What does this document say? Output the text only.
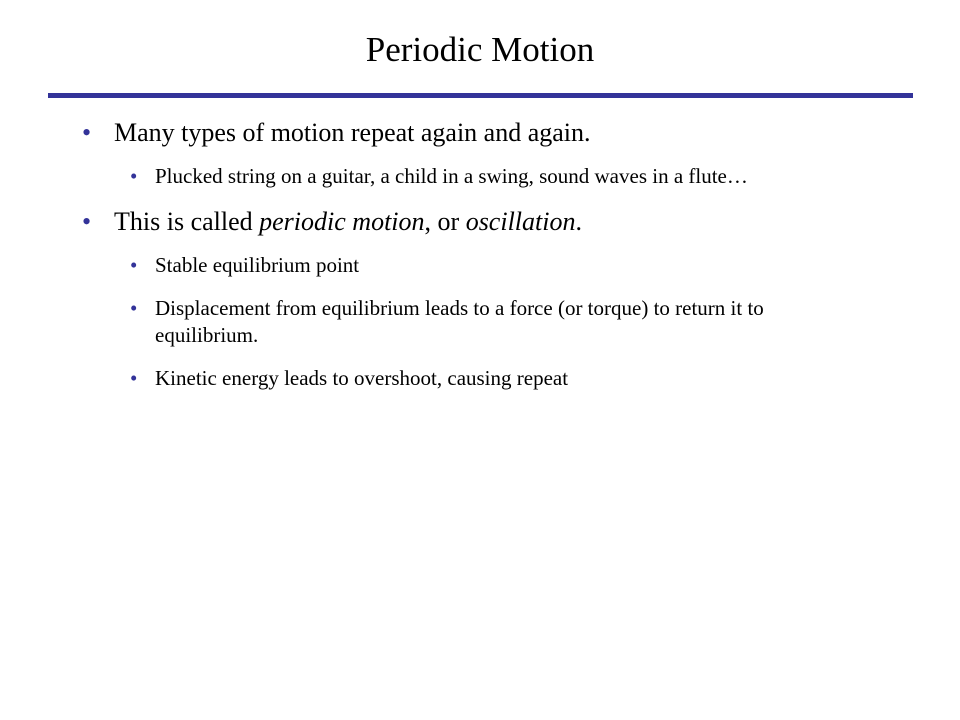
Periodic Motion
• Many types of motion repeat again and again.
• Plucked string on a guitar, a child in a swing, sound waves in a flute…
• This is called periodic motion, or oscillation.
• Stable equilibrium point
• Displacement from equilibrium leads to a force (or torque) to return it to equilibrium.
• Kinetic energy leads to overshoot, causing repeat
